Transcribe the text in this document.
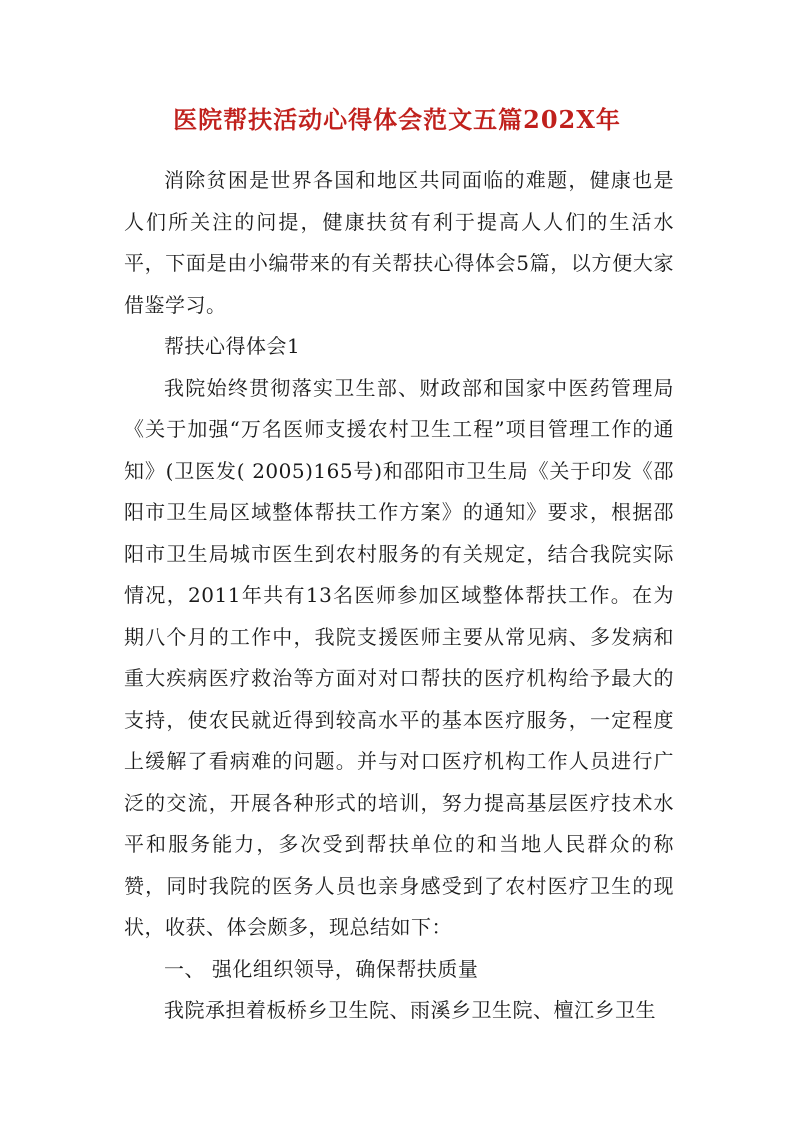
医院帮扶活动心得体会范文五篇202X年

消除贫困是世界各国和地区共同面临的难题，健康也是人们所关注的问提，健康扶贫有利于提高人人们的生活水平，下面是由小编带来的有关帮扶心得体会5篇，以方便大家借鉴学习。

帮扶心得体会1

我院始终贯彻落实卫生部、财政部和国家中医药管理局《关于加强“万名医师支援农村卫生工程”项目管理工作的通知》(卫医发( 2005)165号)和邵阳市卫生局《关于印发《邵阳市卫生局区域整体帮扶工作方案》的通知》要求，根据邵阳市卫生局城市医生到农村服务的有关规定，结合我院实际情况，2011年共有13名医师参加区域整体帮扶工作。在为期八个月的工作中，我院支援医师主要从常见病、多发病和重大疾病医疗救治等方面对对口帮扶的医疗机构给予最大的支持，使农民就近得到较高水平的基本医疗服务，一定程度上缓解了看病难的问题。并与对口医疗机构工作人员进行广泛的交流，开展各种形式的培训，努力提高基层医疗技术水平和服务能力，多次受到帮扶单位的和当地人民群众的称赞，同时我院的医务人员也亲身感受到了农村医疗卫生的现状，收获、体会颇多，现总结如下：

一、 强化组织领导，确保帮扶质量

我院承担着板桥乡卫生院、雨溪乡卫生院、檀江乡卫生
